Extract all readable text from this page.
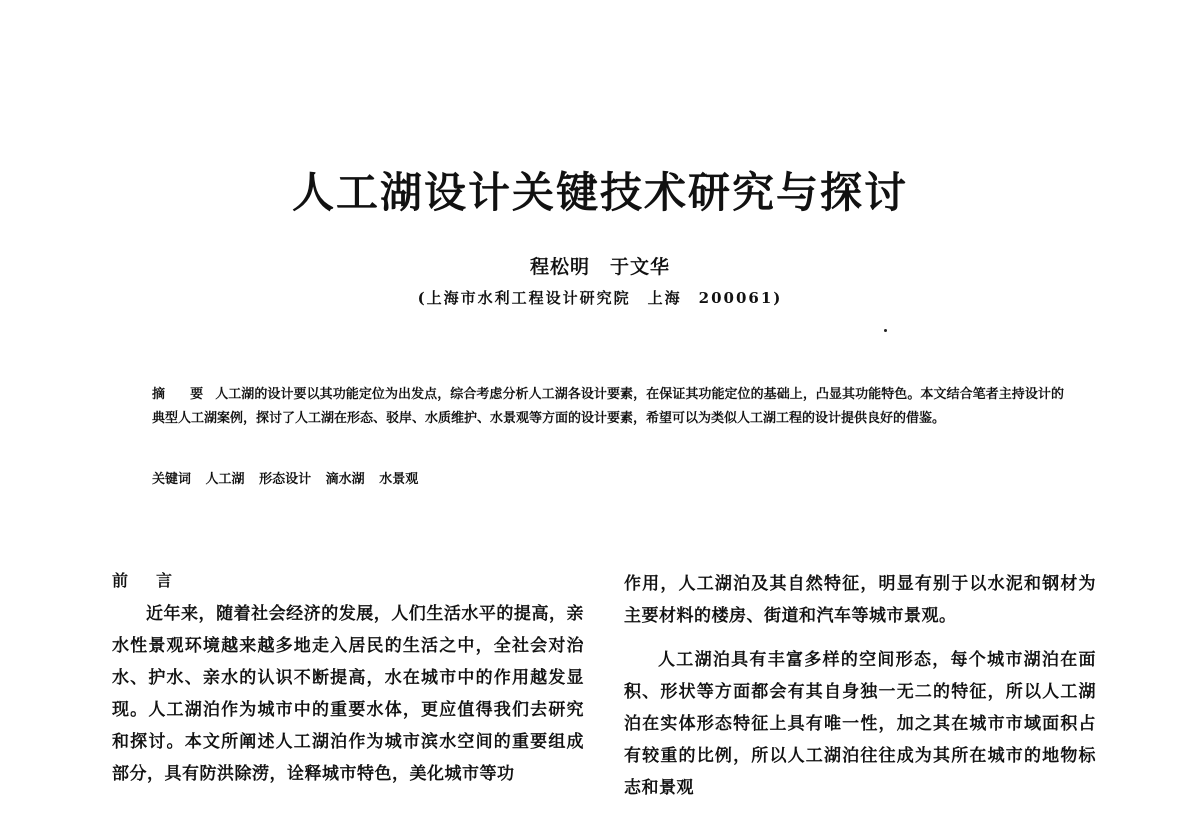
人工湖设计关键技术研究与探讨
程松明　于文华
(上海市水利工程设计研究院　上海　200061)

摘　要 人工湖的设计要以其功能定位为出发点，综合考虑分析人工湖各设计要素，在保证其功能定位的基础上，凸显其功能特色。本文结合笔者主持设计的典型人工湖案例，探讨了人工湖在形态、驳岸、水质维护、水景观等方面的设计要素，希望可以为类似人工湖工程的设计提供良好的借鉴。

关键词 人工湖 形态设计 滴水湖 水景观
前　言

近年来，随着社会经济的发展，人们生活水平的提高，亲水性景观环境越来越多地走入居民的生活之中，全社会对治水、护水、亲水的认识不断提高，水在城市中的作用越发显现。人工湖泊作为城市中的重要水体，更应值得我们去研究和探讨。本文所阐述人工湖泊作为城市滨水空间的重要组成部分，具有防洪除涝，诠释城市特色，美化城市等功

作用，人工湖泊及其自然特征，明显有别于以水泥和钢材为主要材料的楼房、街道和汽车等城市景观。

人工湖泊具有丰富多样的空间形态，每个城市湖泊在面积、形状等方面都会有其自身独一无二的特征，所以人工湖泊在实体形态特征上具有唯一性，加之其在城市市域面积占有较重的比例，所以人工湖泊往往成为其所在城市的地物标志和景观
